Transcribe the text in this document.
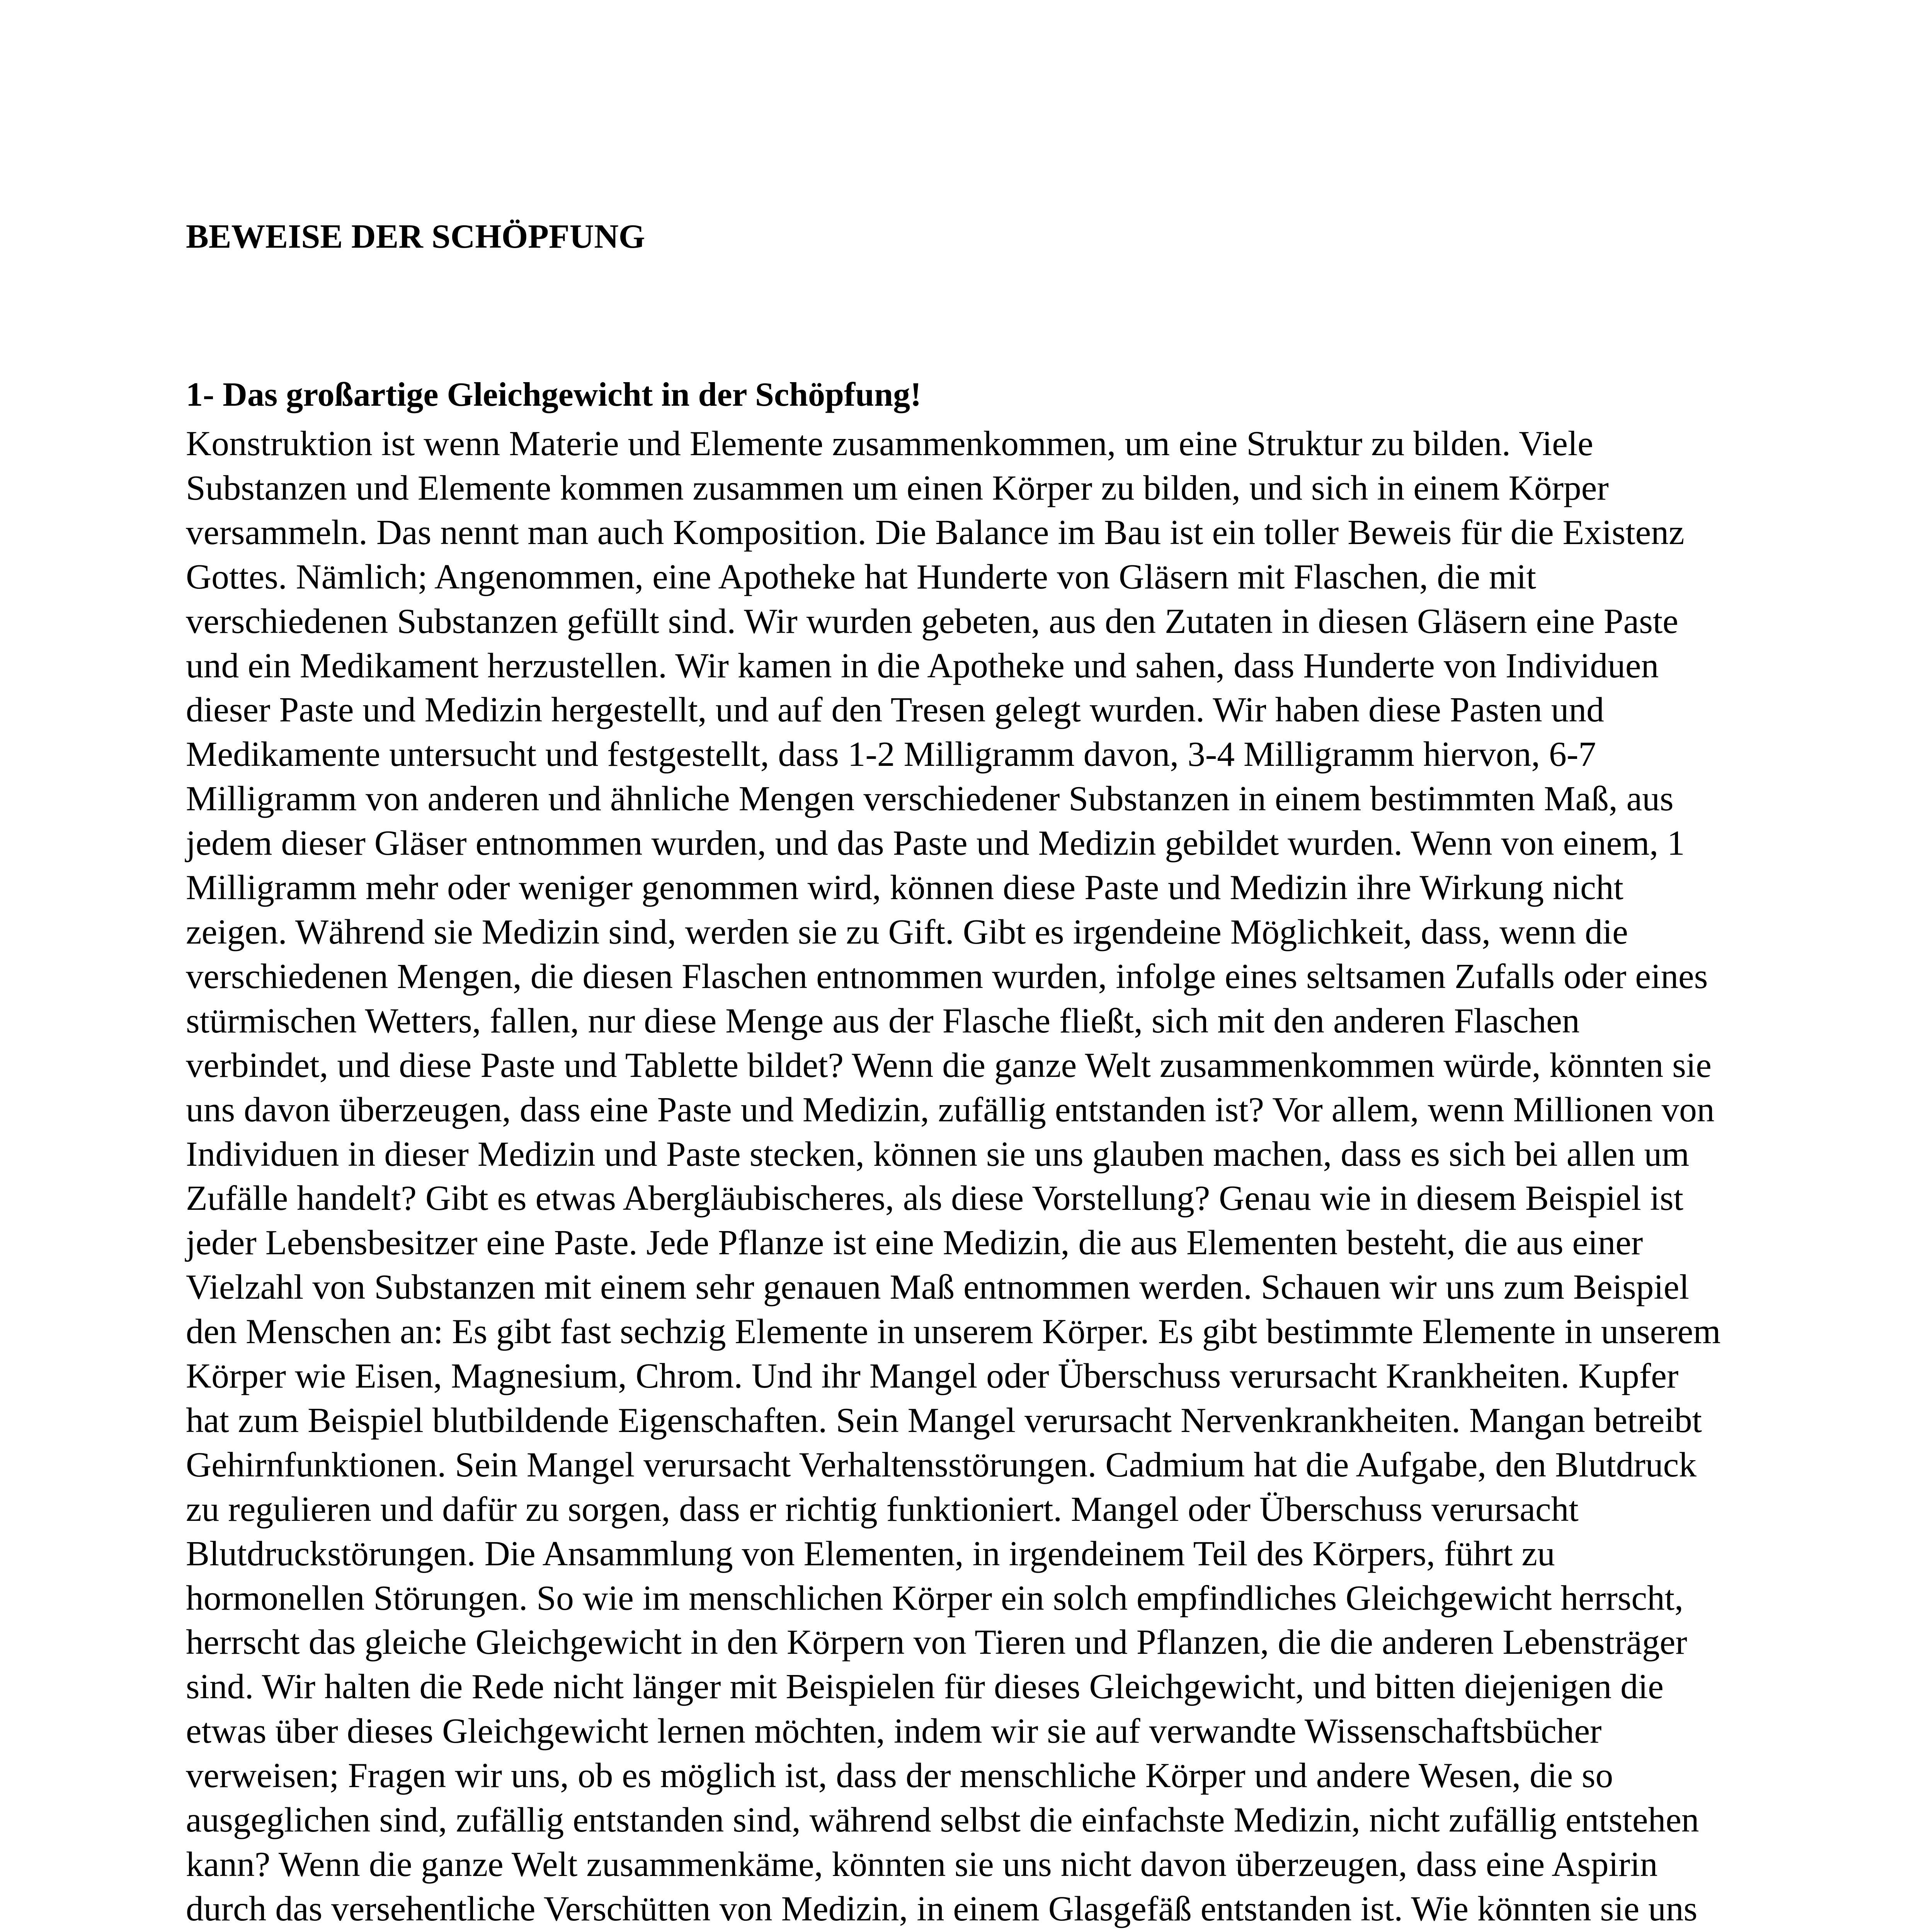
BEWEISE DER SCHÖPFUNG
1- Das großartige Gleichgewicht in der Schöpfung!

Konstruktion ist wenn Materie und Elemente zusammenkommen, um eine Struktur zu bilden. Viele Substanzen und Elemente kommen zusammen um einen Körper zu bilden, und sich in einem Körper versammeln. Das nennt man auch Komposition. Die Balance im Bau ist ein toller Beweis für die Existenz Gottes. Nämlich; Angenommen, eine Apotheke hat Hunderte von Gläsern mit Flaschen, die mit verschiedenen Substanzen gefüllt sind. Wir wurden gebeten, aus den Zutaten in diesen Gläsern eine Paste und ein Medikament herzustellen. Wir kamen in die Apotheke und sahen, dass Hunderte von Individuen dieser Paste und Medizin hergestellt, und auf den Tresen gelegt wurden. Wir haben diese Pasten und Medikamente untersucht und festgestellt, dass 1-2 Milligramm davon, 3-4 Milligramm hiervon, 6-7 Milligramm von anderen und ähnliche Mengen verschiedener Substanzen in einem bestimmten Maß, aus jedem dieser Gläser entnommen wurden, und das Paste und Medizin gebildet wurden. Wenn von einem, 1 Milligramm mehr oder weniger genommen wird, können diese Paste und Medizin ihre Wirkung nicht zeigen. Während sie Medizin sind, werden sie zu Gift. Gibt es irgendeine Möglichkeit, dass, wenn die verschiedenen Mengen, die diesen Flaschen entnommen wurden, infolge eines seltsamen Zufalls oder eines stürmischen Wetters, fallen, nur diese Menge aus der Flasche fließt, sich mit den anderen Flaschen verbindet, und diese Paste und Tablette bildet? Wenn die ganze Welt zusammenkommen würde, könnten sie uns davon überzeugen, dass eine Paste und Medizin, zufällig entstanden ist? Vor allem, wenn Millionen von Individuen in dieser Medizin und Paste stecken, können sie uns glauben machen, dass es sich bei allen um Zufälle handelt? Gibt es etwas Abergläubischeres, als diese Vorstellung? Genau wie in diesem Beispiel ist jeder Lebensbesitzer eine Paste. Jede Pflanze ist eine Medizin, die aus Elementen besteht, die aus einer Vielzahl von Substanzen mit einem sehr genauen Maß entnommen werden. Schauen wir uns zum Beispiel den Menschen an: Es gibt fast sechzig Elemente in unserem Körper. Es gibt bestimmte Elemente in unserem Körper wie Eisen, Magnesium, Chrom. Und ihr Mangel oder Überschuss verursacht Krankheiten. Kupfer hat zum Beispiel blutbildende Eigenschaften. Sein Mangel verursacht Nervenkrankheiten. Mangan betreibt Gehirnfunktionen. Sein Mangel verursacht Verhaltensstörungen. Cadmium hat die Aufgabe, den Blutdruck zu regulieren und dafür zu sorgen, dass er richtig funktioniert. Mangel oder Überschuss verursacht Blutdruckstörungen. Die Ansammlung von Elementen, in irgendeinem Teil des Körpers, führt zu hormonellen Störungen. So wie im menschlichen Körper ein solch empfindliches Gleichgewicht herrscht, herrscht das gleiche Gleichgewicht in den Körpern von Tieren und Pflanzen, die die anderen Lebensträger sind. Wir halten die Rede nicht länger mit Beispielen für dieses Gleichgewicht, und bitten diejenigen die etwas über dieses Gleichgewicht lernen möchten, indem wir sie auf verwandte Wissenschaftsbücher verweisen; Fragen wir uns, ob es möglich ist, dass der menschliche Körper und andere Wesen, die so ausgeglichen sind, zufällig entstanden sind, während selbst die einfachste Medizin, nicht zufällig entstehen kann? Wenn die ganze Welt zusammenkäme, könnten sie uns nicht davon überzeugen, dass eine Aspirin durch das versehentliche Verschütten von Medizin, in einem Glasgefäß entstanden ist. Wie könnten sie uns
